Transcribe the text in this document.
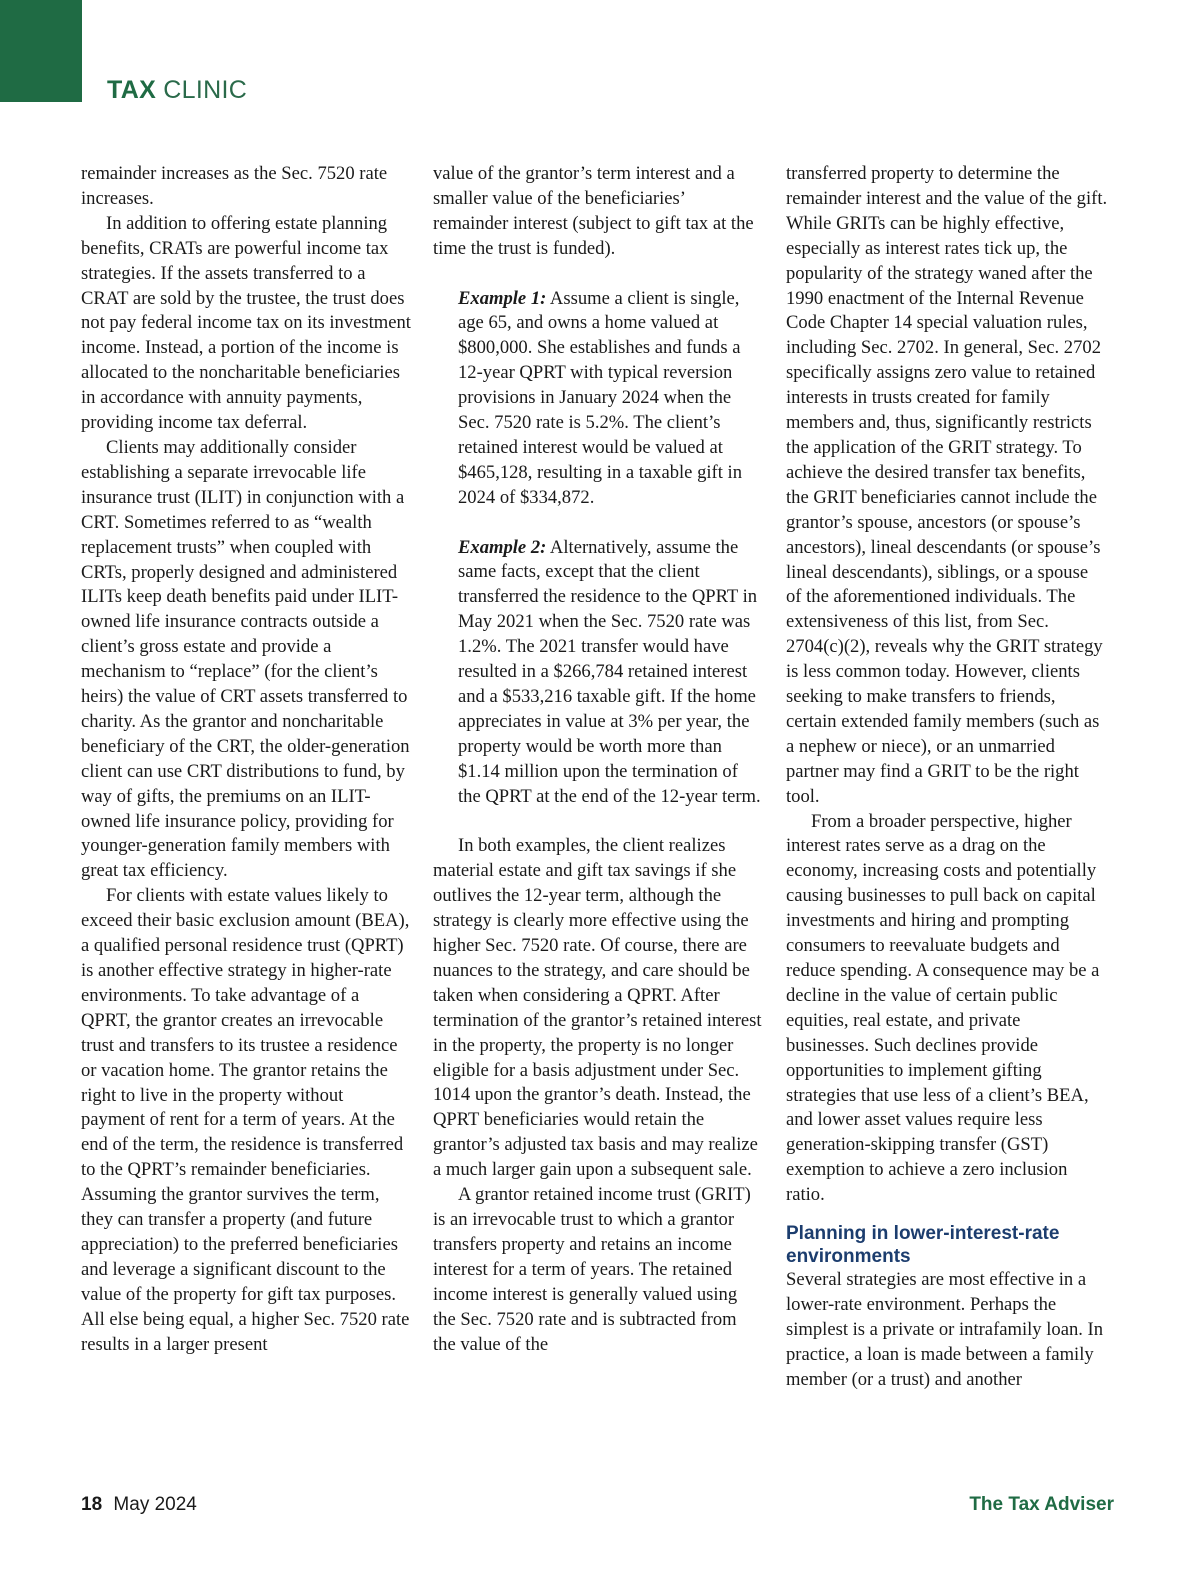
TAX CLINIC

remainder increases as the Sec. 7520 rate increases.

In addition to offering estate planning benefits, CRATs are powerful income tax strategies. If the assets transferred to a CRAT are sold by the trustee, the trust does not pay federal income tax on its investment income. Instead, a portion of the income is allocated to the noncharitable beneficiaries in accordance with annuity payments, providing income tax deferral.

Clients may additionally consider establishing a separate irrevocable life insurance trust (ILIT) in conjunction with a CRT. Sometimes referred to as “wealth replacement trusts” when coupled with CRTs, properly designed and administered ILITs keep death benefits paid under ILIT-owned life insurance contracts outside a client’s gross estate and provide a mechanism to “replace” (for the client’s heirs) the value of CRT assets transferred to charity. As the grantor and noncharitable beneficiary of the CRT, the older-generation client can use CRT distributions to fund, by way of gifts, the premiums on an ILIT-owned life insurance policy, providing for younger-generation family members with great tax efficiency.

For clients with estate values likely to exceed their basic exclusion amount (BEA), a qualified personal residence trust (QPRT) is another effective strategy in higher-rate environments. To take advantage of a QPRT, the grantor creates an irrevocable trust and transfers to its trustee a residence or vacation home. The grantor retains the right to live in the property without payment of rent for a term of years. At the end of the term, the residence is transferred to the QPRT’s remainder beneficiaries. Assuming the grantor survives the term, they can transfer a property (and future appreciation) to the preferred beneficiaries and leverage a significant discount to the value of the property for gift tax purposes. All else being equal, a higher Sec. 7520 rate results in a larger present

value of the grantor’s term interest and a smaller value of the beneficiaries’ remainder interest (subject to gift tax at the time the trust is funded).

Example 1: Assume a client is single, age 65, and owns a home valued at $800,000. She establishes and funds a 12-year QPRT with typical reversion provisions in January 2024 when the Sec. 7520 rate is 5.2%. The client’s retained interest would be valued at $465,128, resulting in a taxable gift in 2024 of $334,872.

Example 2: Alternatively, assume the same facts, except that the client transferred the residence to the QPRT in May 2021 when the Sec. 7520 rate was 1.2%. The 2021 transfer would have resulted in a $266,784 retained interest and a $533,216 taxable gift. If the home appreciates in value at 3% per year, the property would be worth more than $1.14 million upon the termination of the QPRT at the end of the 12-year term.

In both examples, the client realizes material estate and gift tax savings if she outlives the 12-year term, although the strategy is clearly more effective using the higher Sec. 7520 rate. Of course, there are nuances to the strategy, and care should be taken when considering a QPRT. After termination of the grantor’s retained interest in the property, the property is no longer eligible for a basis adjustment under Sec. 1014 upon the grantor’s death. Instead, the QPRT beneficiaries would retain the grantor’s adjusted tax basis and may realize a much larger gain upon a subsequent sale.

A grantor retained income trust (GRIT) is an irrevocable trust to which a grantor transfers property and retains an income interest for a term of years. The retained income interest is generally valued using the Sec. 7520 rate and is subtracted from the value of the

transferred property to determine the remainder interest and the value of the gift. While GRITs can be highly effective, especially as interest rates tick up, the popularity of the strategy waned after the 1990 enactment of the Internal Revenue Code Chapter 14 special valuation rules, including Sec. 2702. In general, Sec. 2702 specifically assigns zero value to retained interests in trusts created for family members and, thus, significantly restricts the application of the GRIT strategy. To achieve the desired transfer tax benefits, the GRIT beneficiaries cannot include the grantor’s spouse, ancestors (or spouse’s ancestors), lineal descendants (or spouse’s lineal descendants), siblings, or a spouse of the aforementioned individuals. The extensiveness of this list, from Sec. 2704(c)(2), reveals why the GRIT strategy is less common today. However, clients seeking to make transfers to friends, certain extended family members (such as a nephew or niece), or an unmarried partner may find a GRIT to be the right tool.

From a broader perspective, higher interest rates serve as a drag on the economy, increasing costs and potentially causing businesses to pull back on capital investments and hiring and prompting consumers to reevaluate budgets and reduce spending. A consequence may be a decline in the value of certain public equities, real estate, and private businesses. Such declines provide opportunities to implement gifting strategies that use less of a client’s BEA, and lower asset values require less generation-skipping transfer (GST) exemption to achieve a zero inclusion ratio.

Planning in lower-interest-rate environments

Several strategies are most effective in a lower-rate environment. Perhaps the simplest is a private or intrafamily loan. In practice, a loan is made between a family member (or a trust) and another

18 May 2024	The Tax Adviser
